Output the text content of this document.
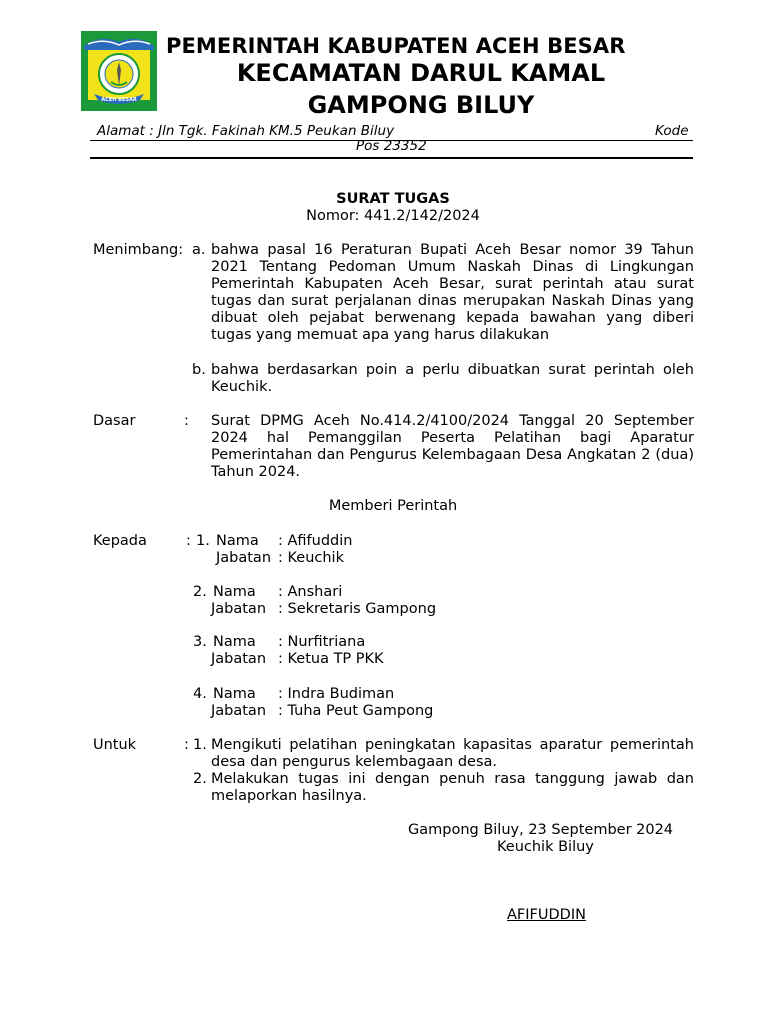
ACEH BESAR
PEMERINTAH KABUPATEN ACEH BESAR
KECAMATAN DARUL KAMAL
GAMPONG BILUY
Alamat : Jln Tgk. Fakinah KM.5 Peukan Biluy	Kode
Pos 23352
SURAT TUGAS
Nomor: 441.2/142/2024
Menimbang: a. bahwa pasal 16 Peraturan Bupati Aceh Besar nomor 39 Tahun 2021 Tentang Pedoman Umum Naskah Dinas di Lingkungan Pemerintah Kabupaten Aceh Besar, surat perintah atau surat tugas dan surat perjalanan dinas merupakan Naskah Dinas yang dibuat oleh pejabat berwenang kepada bawahan yang diberi tugas yang memuat apa yang harus dilakukan
b. bahwa berdasarkan poin a perlu dibuatkan surat perintah oleh Keuchik.
Dasar	: Surat DPMG Aceh No.414.2/4100/2024 Tanggal 20 September 2024 hal Pemanggilan Peserta Pelatihan bagi Aparatur Pemerintahan dan Pengurus Kelembagaan Desa Angkatan 2 (dua) Tahun 2024.
Memberi Perintah
Kepada	: 1. Nama : Afifuddin
Jabatan : Keuchik
2. Nama : Anshari
Jabatan : Sekretaris Gampong
3. Nama : Nurfitriana
Jabatan : Ketua TP PKK
4. Nama : Indra Budiman
Jabatan : Tuha Peut Gampong
Untuk	: 1. Mengikuti pelatihan peningkatan kapasitas aparatur pemerintah desa dan pengurus kelembagaan desa.
2. Melakukan tugas ini dengan penuh rasa tanggung jawab dan melaporkan hasilnya.
Gampong Biluy, 23 September 2024
Keuchik Biluy
AFIFUDDIN
